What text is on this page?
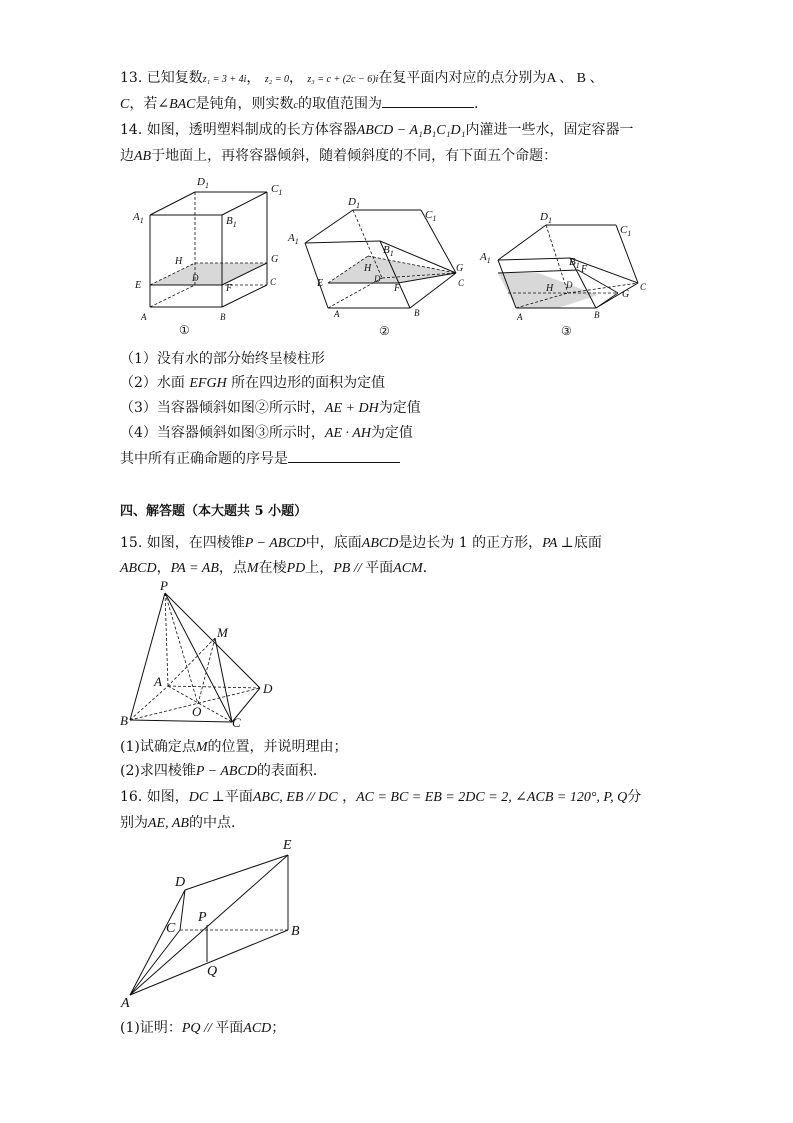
13. 已知复数z₁ = 3 + 4i， z₂ = 0， z₃ = c + (2c − 6)i在复平面内对应的点分别为A 、 B 、
C，若∠BAC是钝角，则实数c的取值范围为	.
14. 如图，透明塑料制成的长方体容器ABCD − A₁B₁C₁D₁内灌进一些水，固定容器一
边AB于地面上，再将容器倾斜，随着倾斜度的不同，有下面五个命题：
$D_1$	$C_1$
$A_1$	$B_1$
H	G
D
E	F
C
A	B
①
$D_1$
$C_1$
$A_1$
$B_1$
H	G
D
E	F	C
A	B
②
$D_1$
$C_1$
$A_1$	$B_1$ F
H D
G
C
A	B
③
（1）没有水的部分始终呈棱柱形
（2）水面 EFGH 所在四边形的面积为定值
（3）当容器倾斜如图②所示时，AE + DH为定值
（4）当容器倾斜如图③所示时，AE · AH为定值
其中所有正确命题的序号是
四、解答题（本大题共 5 小题）
15. 如图，在四棱锥P − ABCD中，底面ABCD是边长为 1 的正方形，PA ⊥底面
ABCD，PA = AB，点M在棱PD上，PB // 平面ACM．
P
M
A	D
B
O
C
(1)试确定点M的位置，并说明理由；
(2)求四棱锥P − ABCD的表面积．
16. 如图，DC ⊥平面ABC, EB // DC ，AC = BC = EB = 2DC = 2, ∠ACB = 120°, P, Q分
别为AE, AB的中点．
E
D
C
P
B
Q
A
(1)证明：PQ // 平面ACD；
